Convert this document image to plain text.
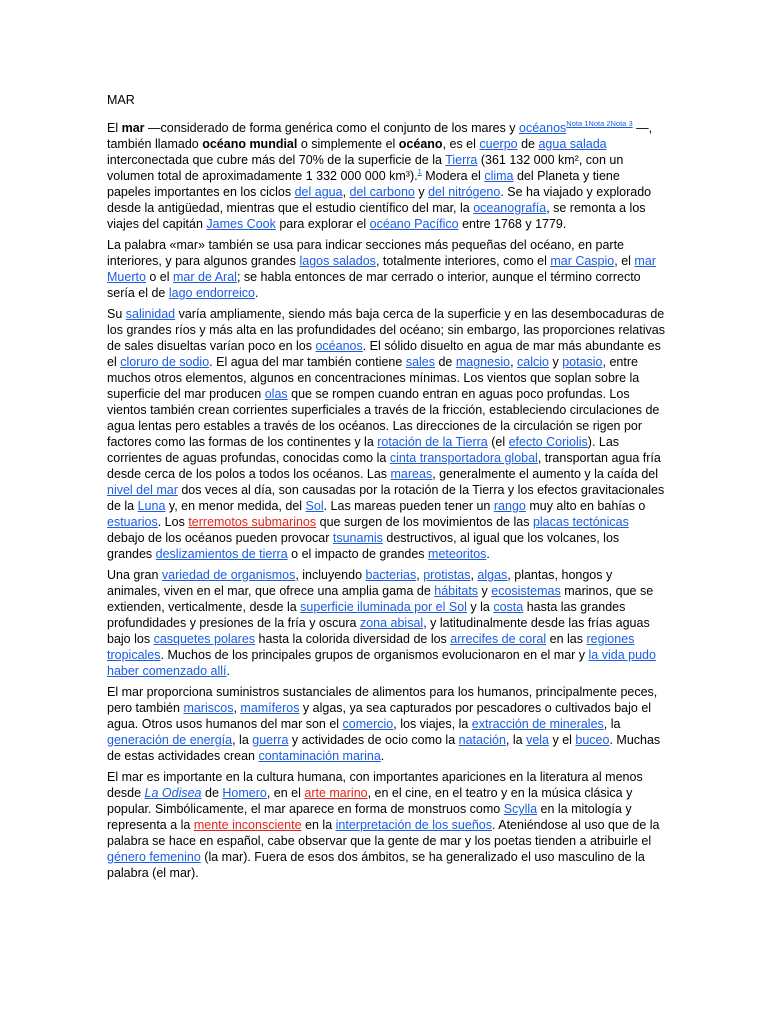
MAR

El mar —considerado de forma genérica como el conjunto de los mares y océanos$^{Nota 1Nota 2Nota 3}$ —, también llamado océano mundial o simplemente el océano, es el cuerpo de agua salada interconectada que cubre más del 70% de la superficie de la Tierra (361 132 000 km², con un volumen total de aproximadamente 1 332 000 000 km³).$^1$ Modera el clima del Planeta y tiene papeles importantes en los ciclos del agua, del carbono y del nitrógeno. Se ha viajado y explorado desde la antigüedad, mientras que el estudio científico del mar, la oceanografía, se remonta a los viajes del capitán James Cook para explorar el océano Pacífico entre 1768 y 1779.

La palabra «mar» también se usa para indicar secciones más pequeñas del océano, en parte interiores, y para algunos grandes lagos salados, totalmente interiores, como el mar Caspio, el mar Muerto o el mar de Aral; se habla entonces de mar cerrado o interior, aunque el término correcto sería el de lago endorreico.

Su salinidad varía ampliamente, siendo más baja cerca de la superficie y en las desembocaduras de los grandes ríos y más alta en las profundidades del océano; sin embargo, las proporciones relativas de sales disueltas varían poco en los océanos. El sólido disuelto en agua de mar más abundante es el cloruro de sodio. El agua del mar también contiene sales de magnesio, calcio y potasio, entre muchos otros elementos, algunos en concentraciones mínimas. Los vientos que soplan sobre la superficie del mar producen olas que se rompen cuando entran en aguas poco profundas. Los vientos también crean corrientes superficiales a través de la fricción, estableciendo circulaciones de agua lentas pero estables a través de los océanos. Las direcciones de la circulación se rigen por factores como las formas de los continentes y la rotación de la Tierra (el efecto Coriolis). Las corrientes de aguas profundas, conocidas como la cinta transportadora global, transportan agua fría desde cerca de los polos a todos los océanos. Las mareas, generalmente el aumento y la caída del nivel del mar dos veces al día, son causadas por la rotación de la Tierra y los efectos gravitacionales de la Luna y, en menor medida, del Sol. Las mareas pueden tener un rango muy alto en bahías o estuarios. Los terremotos submarinos que surgen de los movimientos de las placas tectónicas debajo de los océanos pueden provocar tsunamis destructivos, al igual que los volcanes, los grandes deslizamientos de tierra o el impacto de grandes meteoritos.

Una gran variedad de organismos, incluyendo bacterias, protistas, algas, plantas, hongos y animales, viven en el mar, que ofrece una amplia gama de hábitats y ecosistemas marinos, que se extienden, verticalmente, desde la superficie iluminada por el Sol y la costa hasta las grandes profundidades y presiones de la fría y oscura zona abisal, y latitudinalmente desde las frías aguas bajo los casquetes polares hasta la colorida diversidad de los arrecifes de coral en las regiones tropicales. Muchos de los principales grupos de organismos evolucionaron en el mar y la vida pudo haber comenzado allí.

El mar proporciona suministros sustanciales de alimentos para los humanos, principalmente peces, pero también mariscos, mamíferos y algas, ya sea capturados por pescadores o cultivados bajo el agua. Otros usos humanos del mar son el comercio, los viajes, la extracción de minerales, la generación de energía, la guerra y actividades de ocio como la natación, la vela y el buceo. Muchas de estas actividades crean contaminación marina.

El mar es importante en la cultura humana, con importantes apariciones en la literatura al menos desde La Odisea de Homero, en el arte marino, en el cine, en el teatro y en la música clásica y popular. Simbólicamente, el mar aparece en forma de monstruos como Scylla en la mitología y representa a la mente inconsciente en la interpretación de los sueños. Ateniéndose al uso que de la palabra se hace en español, cabe observar que la gente de mar y los poetas tienden a atribuirle el género femenino (la mar). Fuera de esos dos ámbitos, se ha generalizado el uso masculino de la palabra (el mar).
